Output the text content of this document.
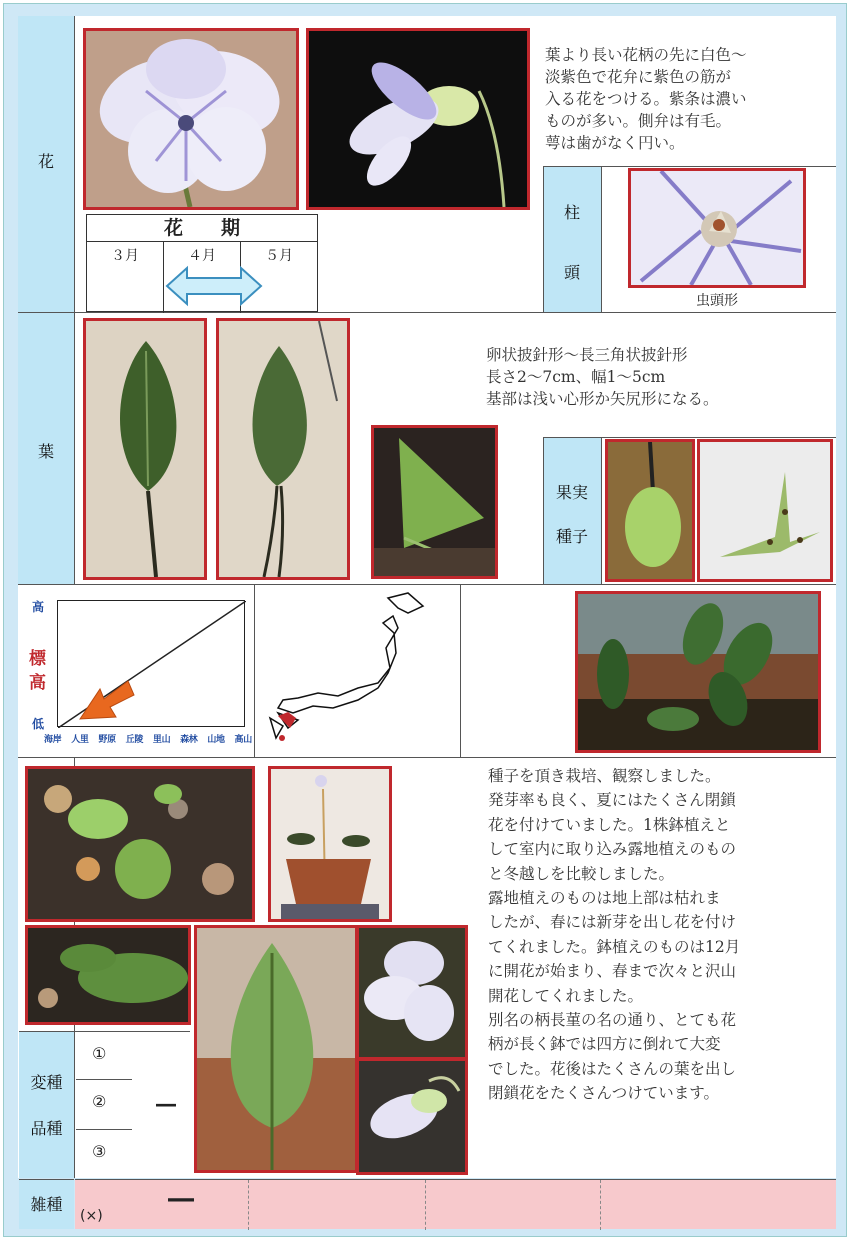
花
葉より長い花柄の先に白色～
淡紫色で花弁に紫色の筋が
入る花をつける。紫条は濃い
ものが多い。側弁は有毛。
萼は歯がなく円い。
花　　期
３月	４月	５月
柱
頭
虫頭形
葉
卵状披針形～長三角状披針形
長さ2～7cm、幅1～5cm
基部は浅い心形か矢尻形になる。
果実
種子
高
低
標
高
海岸 人里 野原 丘陵 里山 森林 山地 高山
種子を頂き栽培、観察しました。
発芽率も良く、夏にはたくさん閉鎖
花を付けていました。1株鉢植えと
して室内に取り込み露地植えのもの
と冬越しを比較しました。
露地植えのものは地上部は枯れま
したが、春には新芽を出し花を付け
てくれました。鉢植えのものは12月
に開花が始まり、春まで次々と沢山
開花してくれました。
別名の柄長菫の名の通り、とても花
柄が長く鉢では四方に倒れて大変
でした。花後はたくさんの葉を出し
閉鎖花をたくさんつけています。
変種
品種
①
②
③
―
雑種	―
(×)
